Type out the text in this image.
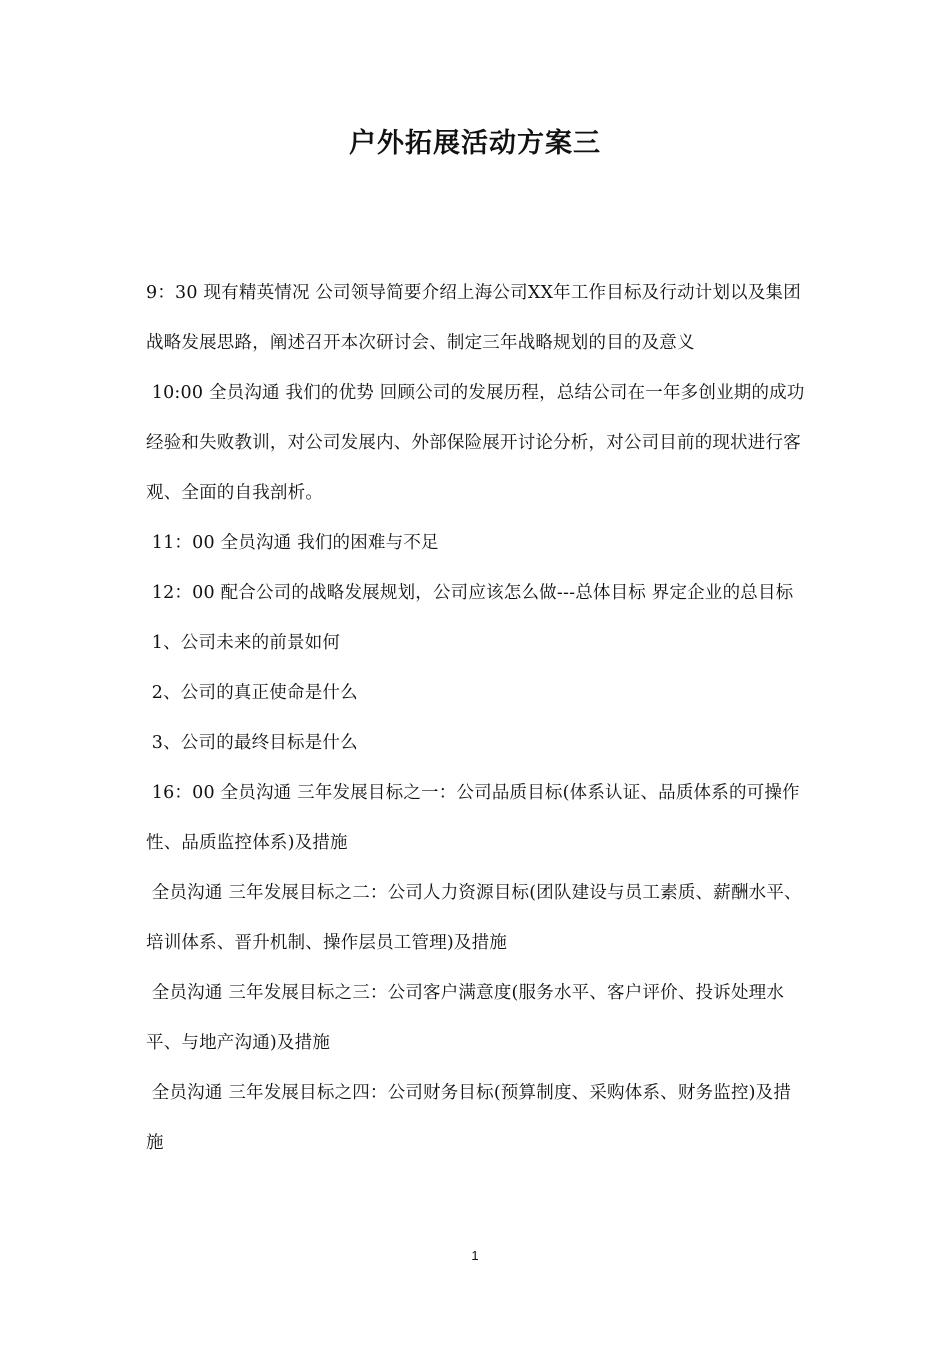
户外拓展活动方案三

9：30 现有精英情况 公司领导简要介绍上海公司XX年工作目标及行动计划以及集团战略发展思路，阐述召开本次研讨会、制定三年战略规划的目的及意义

10:00 全员沟通 我们的优势 回顾公司的发展历程，总结公司在一年多创业期的成功经验和失败教训，对公司发展内、外部保险展开讨论分析，对公司目前的现状进行客观、全面的自我剖析。

11：00 全员沟通 我们的困难与不足

12：00 配合公司的战略发展规划，公司应该怎么做---总体目标 界定企业的总目标

1、公司未来的前景如何

2、公司的真正使命是什么

3、公司的最终目标是什么

16：00 全员沟通 三年发展目标之一：公司品质目标(体系认证、品质体系的可操作性、品质监控体系)及措施

全员沟通 三年发展目标之二：公司人力资源目标(团队建设与员工素质、薪酬水平、培训体系、晋升机制、操作层员工管理)及措施

全员沟通 三年发展目标之三：公司客户满意度(服务水平、客户评价、投诉处理水平、与地产沟通)及措施

全员沟通 三年发展目标之四：公司财务目标(预算制度、采购体系、财务监控)及措施

1
